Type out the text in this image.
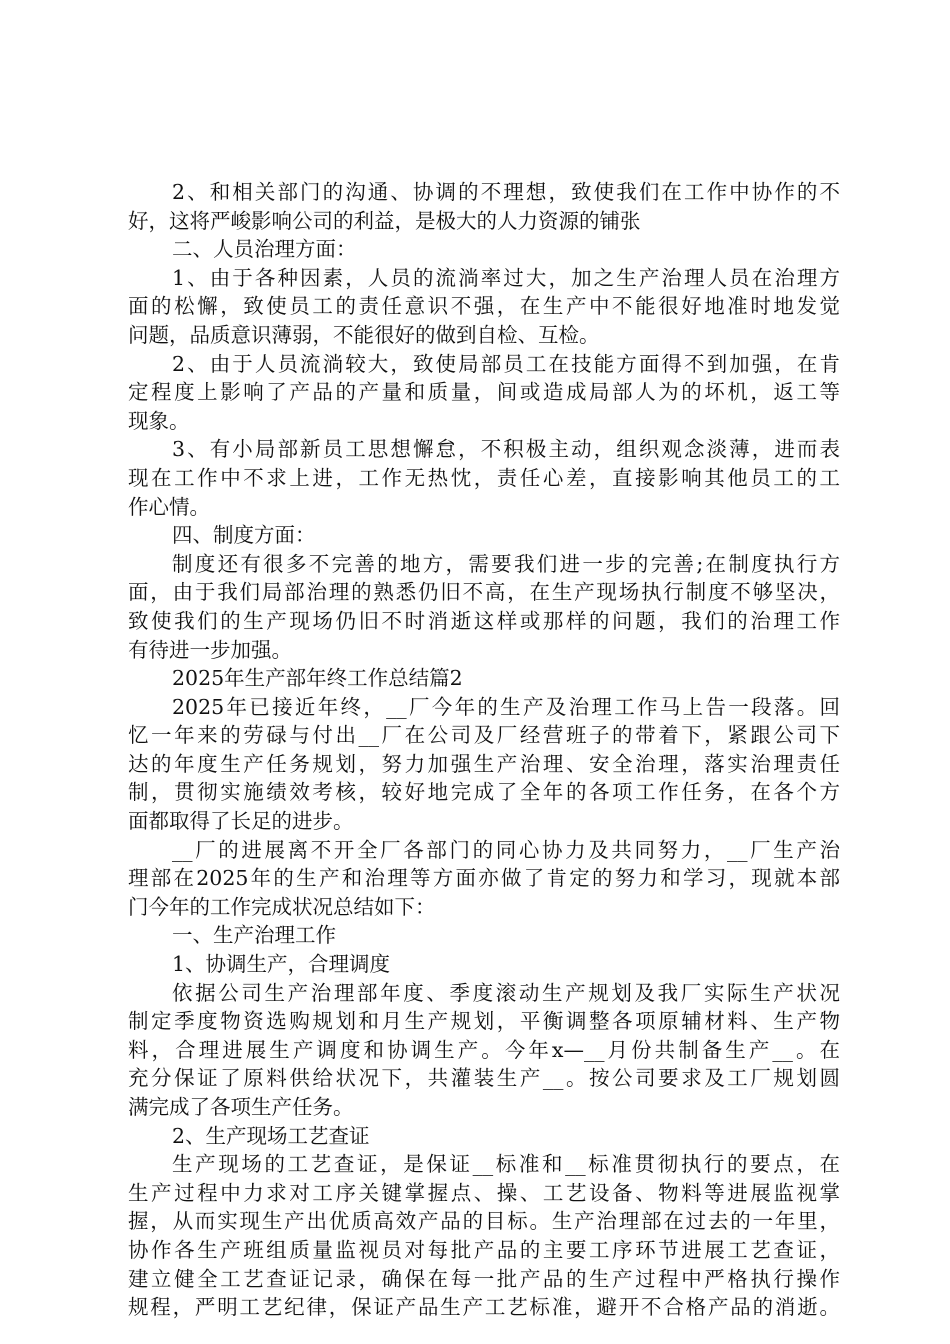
2、和相关部门的沟通、协调的不理想，致使我们在工作中协作的不
好，这将严峻影响公司的利益，是极大的人力资源的铺张
二、人员治理方面：
1、由于各种因素，人员的流淌率过大，加之生产治理人员在治理方
面的松懈，致使员工的责任意识不强，在生产中不能很好地准时地发觉
问题，品质意识薄弱，不能很好的做到自检、互检。
2、由于人员流淌较大，致使局部员工在技能方面得不到加强，在肯
定程度上影响了产品的产量和质量，间或造成局部人为的坏机，返工等
现象。
3、有小局部新员工思想懈怠，不积极主动，组织观念淡薄，进而表
现在工作中不求上进，工作无热忱，责任心差，直接影响其他员工的工
作心情。
四、制度方面：
制度还有很多不完善的地方，需要我们进一步的完善;在制度执行方
面，由于我们局部治理的熟悉仍旧不高，在生产现场执行制度不够坚决，
致使我们的生产现场仍旧不时消逝这样或那样的问题，我们的治理工作
有待进一步加强。
2025年生产部年终工作总结篇2
2025年已接近年终，__厂今年的生产及治理工作马上告一段落。回
忆一年来的劳碌与付出__厂在公司及厂经营班子的带着下，紧跟公司下
达的年度生产任务规划，努力加强生产治理、安全治理，落实治理责任
制，贯彻实施绩效考核，较好地完成了全年的各项工作任务，在各个方
面都取得了长足的进步。
__厂的进展离不开全厂各部门的同心协力及共同努力，__厂生产治
理部在2025年的生产和治理等方面亦做了肯定的努力和学习，现就本部
门今年的工作完成状况总结如下：
一、生产治理工作
1、协调生产，合理调度
依据公司生产治理部年度、季度滚动生产规划及我厂实际生产状况
制定季度物资选购规划和月生产规划，平衡调整各项原辅材料、生产物
料，合理进展生产调度和协调生产。今年x—__月份共制备生产__。在
充分保证了原料供给状况下，共灌装生产__。按公司要求及工厂规划圆
满完成了各项生产任务。
2、生产现场工艺查证
生产现场的工艺查证，是保证__标准和__标准贯彻执行的要点，在
生产过程中力求对工序关键掌握点、操、工艺设备、物料等进展监视掌
握，从而实现生产出优质高效产品的目标。生产治理部在过去的一年里，
协作各生产班组质量监视员对每批产品的主要工序环节进展工艺查证，
建立健全工艺查证记录，确保在每一批产品的生产过程中严格执行操作
规程，严明工艺纪律，保证产品生产工艺标准，避开不合格产品的消逝。
